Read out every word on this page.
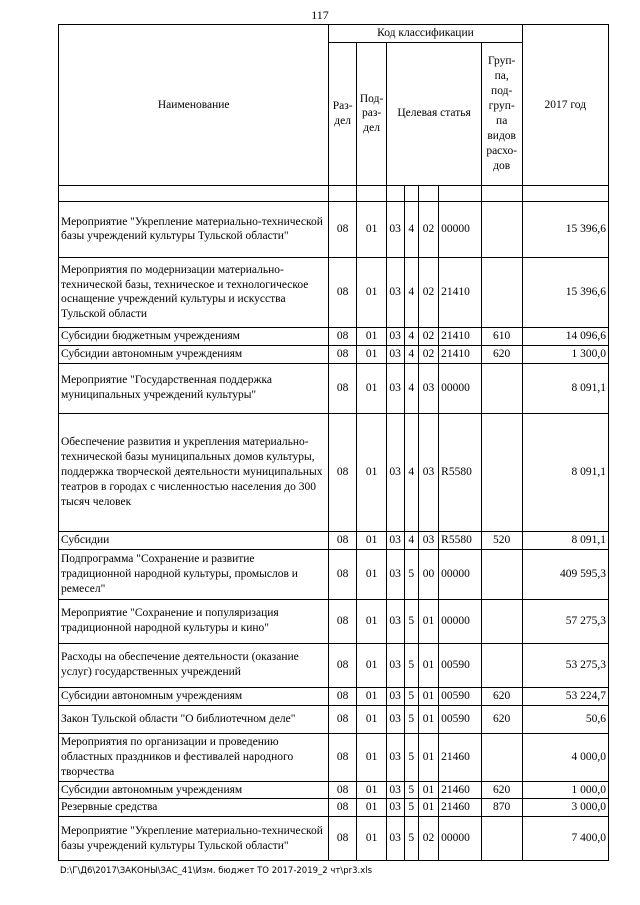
117
Наименование	Код классификации							2017 год
	Раз-дел	Под-раз-дел	Целевая статья				Груп-па, под-груп-па видов расхо-дов	

Мероприятие "Укрепление материально-технической базы учреждений культуры Тульской области"	08	01	03	4	02	00000		15 396,6
Мероприятия по модернизации материально-технической базы, техническое и технологическое оснащение учреждений культуры и искусства Тульской области	08	01	03	4	02	21410		15 396,6
Субсидии бюджетным учреждениям	08	01	03	4	02	21410	610	14 096,6
Субсидии автономным учреждениям	08	01	03	4	02	21410	620	1 300,0
Мероприятие "Государственная поддержка муниципальных учреждений культуры"	08	01	03	4	03	00000		8 091,1
Обеспечение развития и укрепления материально-технической базы муниципальных домов культуры, поддержка творческой деятельности муниципальных театров в городах с численностью населения до 300 тысяч человек	08	01	03	4	03	R5580		8 091,1
Субсидии	08	01	03	4	03	R5580	520	8 091,1
Подпрограмма "Сохранение и развитие традиционной народной культуры, промыслов и ремесел"	08	01	03	5	00	00000		409 595,3
Мероприятие "Сохранение и популяризация традиционной народной культуры и кино"	08	01	03	5	01	00000		57 275,3
Расходы на обеспечение деятельности (оказание услуг) государственных учреждений	08	01	03	5	01	00590		53 275,3
Субсидии автономным учреждениям	08	01	03	5	01	00590	620	53 224,7
Закон Тульской области "О библиотечном деле"	08	01	03	5	01	00590	620	50,6
Мероприятия по организации и проведению областных праздников и фестивалей народного творчества	08	01	03	5	01	21460		4 000,0
Субсидии автономным учреждениям	08	01	03	5	01	21460	620	1 000,0
Резервные средства	08	01	03	5	01	21460	870	3 000,0
Мероприятие "Укрепление материально-технической базы учреждений культуры Тульской области"	08	01	03	5	02	00000		7 400,0
D:\Г\Д6\2017\ЗАКОНЫ\ЗАС_41\Изм. бюджет ТО 2017-2019_2 чт\pr3.xls
